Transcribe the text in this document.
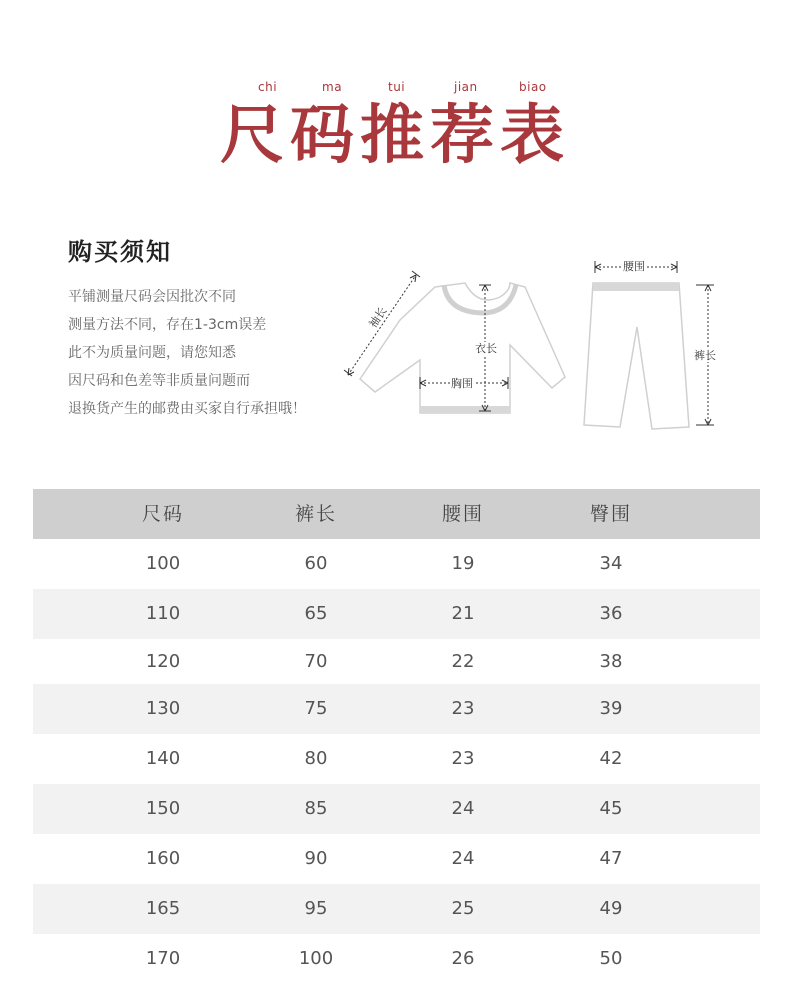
chi	ma	tui	jian	biao
尺码推荐表
购买须知
平铺测量尺码会因批次不同
测量方法不同，存在1-3cm误差
此不为质量问题，请您知悉
因尺码和色差等非质量问题而
退换货产生的邮费由买家自行承担哦！
袖长
衣长
胸围
腰围
裤长
尺码	裤长	腰围	臀围
100	60	19	34
110	65	21	36
120	70	22	38
130	75	23	39
140	80	23	42
150	85	24	45
160	90	24	47
165	95	25	49
170	100	26	50
